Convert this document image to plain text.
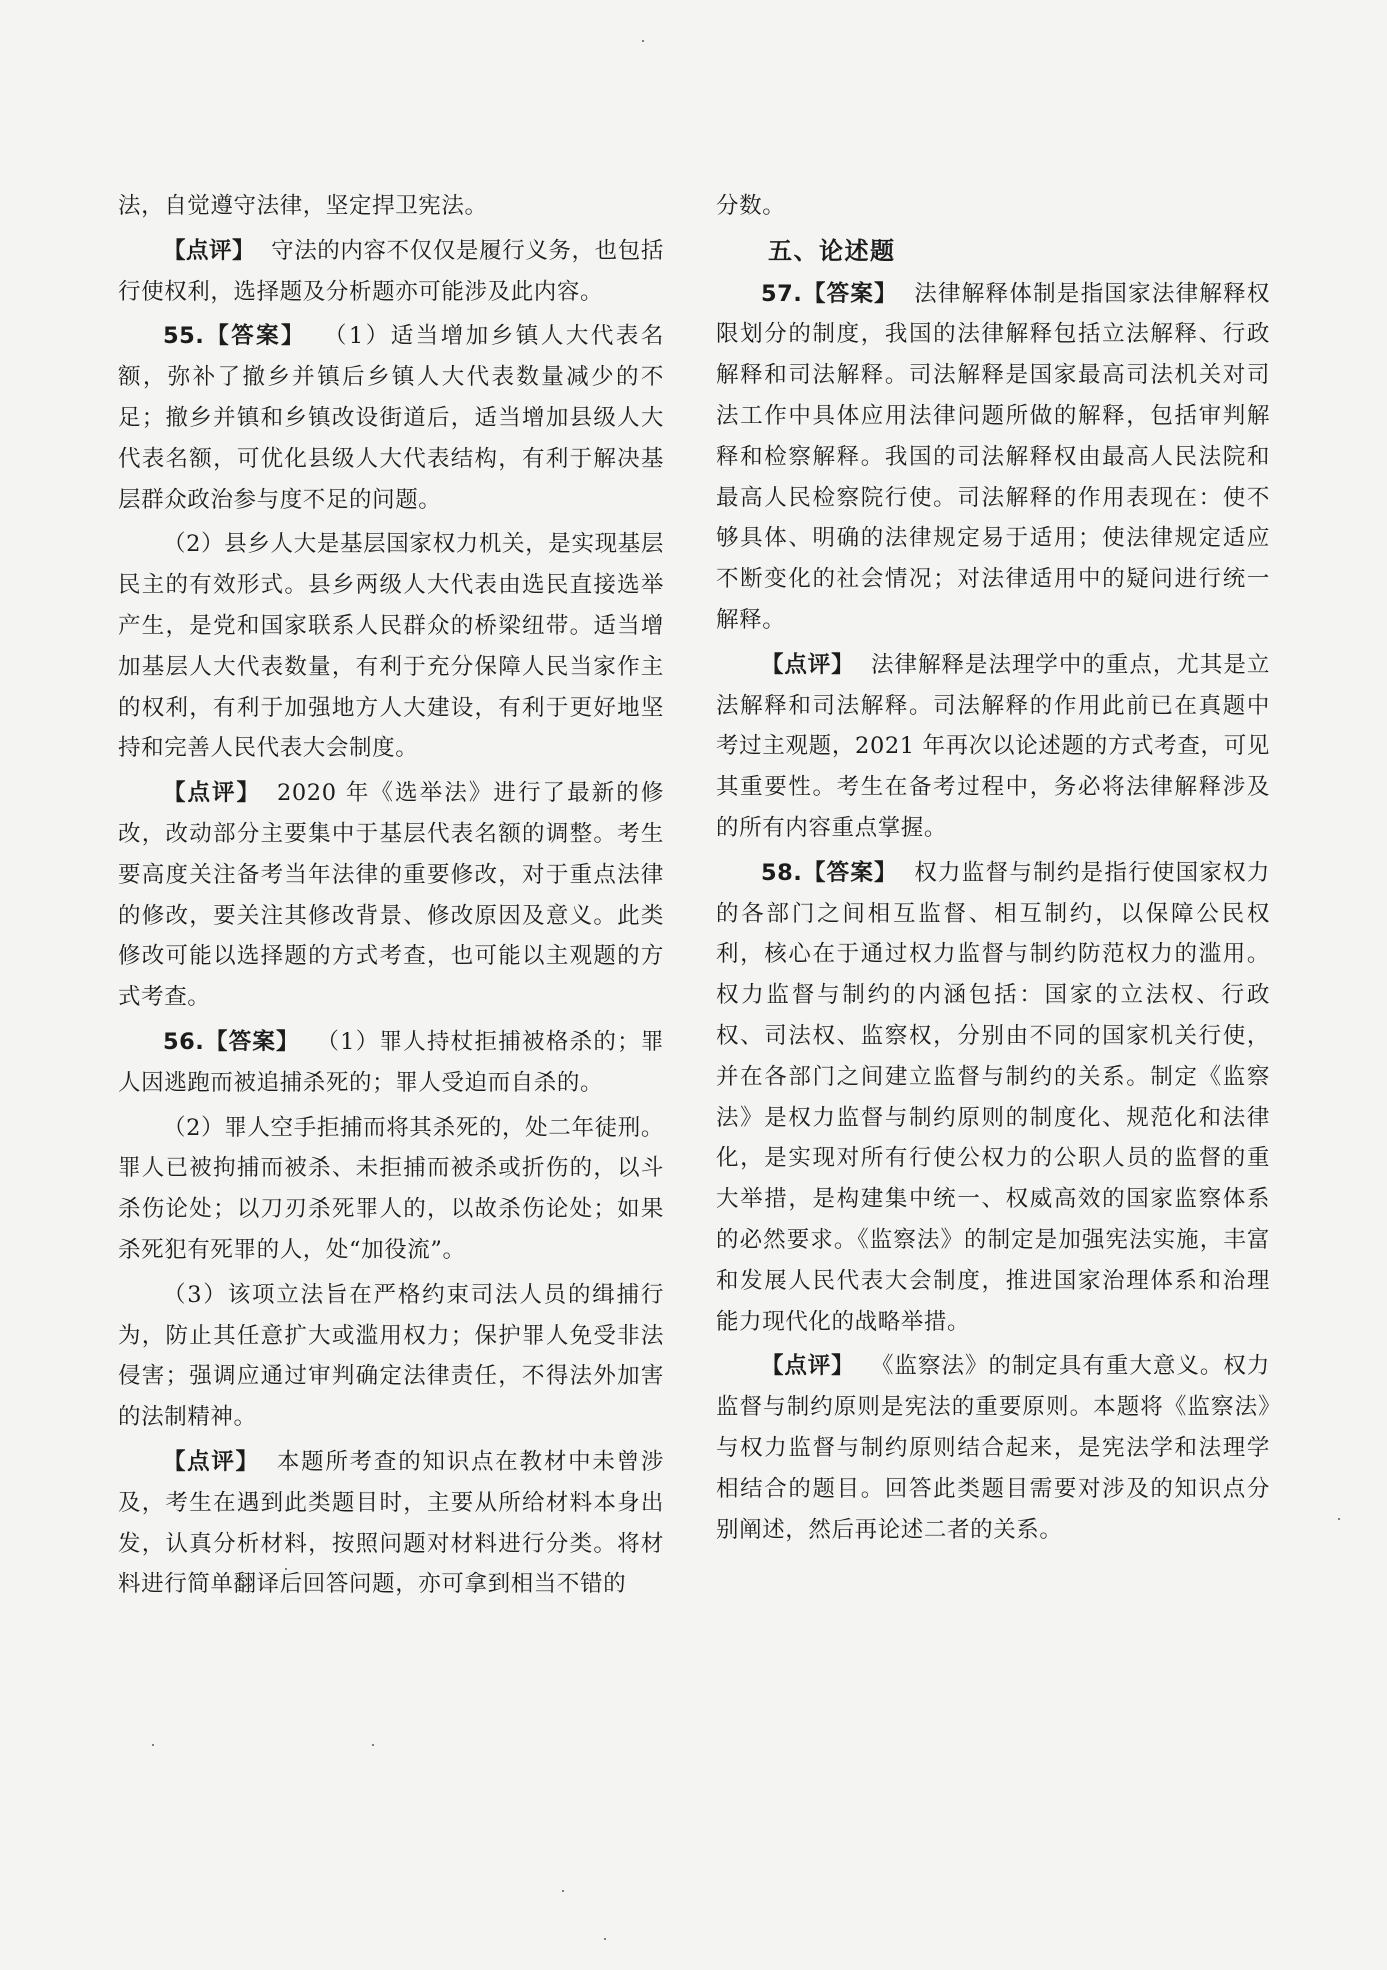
法，自觉遵守法律，坚定捍卫宪法。

【点评】 守法的内容不仅仅是履行义务，也包括行使权利，选择题及分析题亦可能涉及此内容。

55.【答案】 （1）适当增加乡镇人大代表名额，弥补了撤乡并镇后乡镇人大代表数量减少的不足；撤乡并镇和乡镇改设街道后，适当增加县级人大代表名额，可优化县级人大代表结构，有利于解决基层群众政治参与度不足的问题。

（2）县乡人大是基层国家权力机关，是实现基层民主的有效形式。县乡两级人大代表由选民直接选举产生，是党和国家联系人民群众的桥梁纽带。适当增加基层人大代表数量，有利于充分保障人民当家作主的权利，有利于加强地方人大建设，有利于更好地坚持和完善人民代表大会制度。

【点评】 2020 年《选举法》进行了最新的修改，改动部分主要集中于基层代表名额的调整。考生要高度关注备考当年法律的重要修改，对于重点法律的修改，要关注其修改背景、修改原因及意义。此类修改可能以选择题的方式考查，也可能以主观题的方式考查。

56.【答案】 （1）罪人持杖拒捕被格杀的；罪人因逃跑而被追捕杀死的；罪人受迫而自杀的。

（2）罪人空手拒捕而将其杀死的，处二年徒刑。罪人已被拘捕而被杀、未拒捕而被杀或折伤的，以斗杀伤论处；以刀刃杀死罪人的，以故杀伤论处；如果杀死犯有死罪的人，处“加役流”。

（3）该项立法旨在严格约束司法人员的缉捕行为，防止其任意扩大或滥用权力；保护罪人免受非法侵害；强调应通过审判确定法律责任，不得法外加害的法制精神。

【点评】 本题所考查的知识点在教材中未曾涉及，考生在遇到此类题目时，主要从所给材料本身出发，认真分析材料，按照问题对材料进行分类。将材料进行简单翻译后回答问题，亦可拿到相当不错的

分数。

五、论述题

57.【答案】 法律解释体制是指国家法律解释权限划分的制度，我国的法律解释包括立法解释、行政解释和司法解释。司法解释是国家最高司法机关对司法工作中具体应用法律问题所做的解释，包括审判解释和检察解释。我国的司法解释权由最高人民法院和最高人民检察院行使。司法解释的作用表现在：使不够具体、明确的法律规定易于适用；使法律规定适应不断变化的社会情况；对法律适用中的疑问进行统一解释。

【点评】 法律解释是法理学中的重点，尤其是立法解释和司法解释。司法解释的作用此前已在真题中考过主观题，2021 年再次以论述题的方式考查，可见其重要性。考生在备考过程中，务必将法律解释涉及的所有内容重点掌握。

58.【答案】 权力监督与制约是指行使国家权力的各部门之间相互监督、相互制约，以保障公民权利，核心在于通过权力监督与制约防范权力的滥用。权力监督与制约的内涵包括：国家的立法权、行政权、司法权、监察权，分别由不同的国家机关行使，并在各部门之间建立监督与制约的关系。制定《监察法》是权力监督与制约原则的制度化、规范化和法律化，是实现对所有行使公权力的公职人员的监督的重大举措，是构建集中统一、权威高效的国家监察体系的必然要求。《监察法》的制定是加强宪法实施，丰富和发展人民代表大会制度，推进国家治理体系和治理能力现代化的战略举措。

【点评】 《监察法》的制定具有重大意义。权力监督与制约原则是宪法的重要原则。本题将《监察法》与权力监督与制约原则结合起来，是宪法学和法理学相结合的题目。回答此类题目需要对涉及的知识点分别阐述，然后再论述二者的关系。
